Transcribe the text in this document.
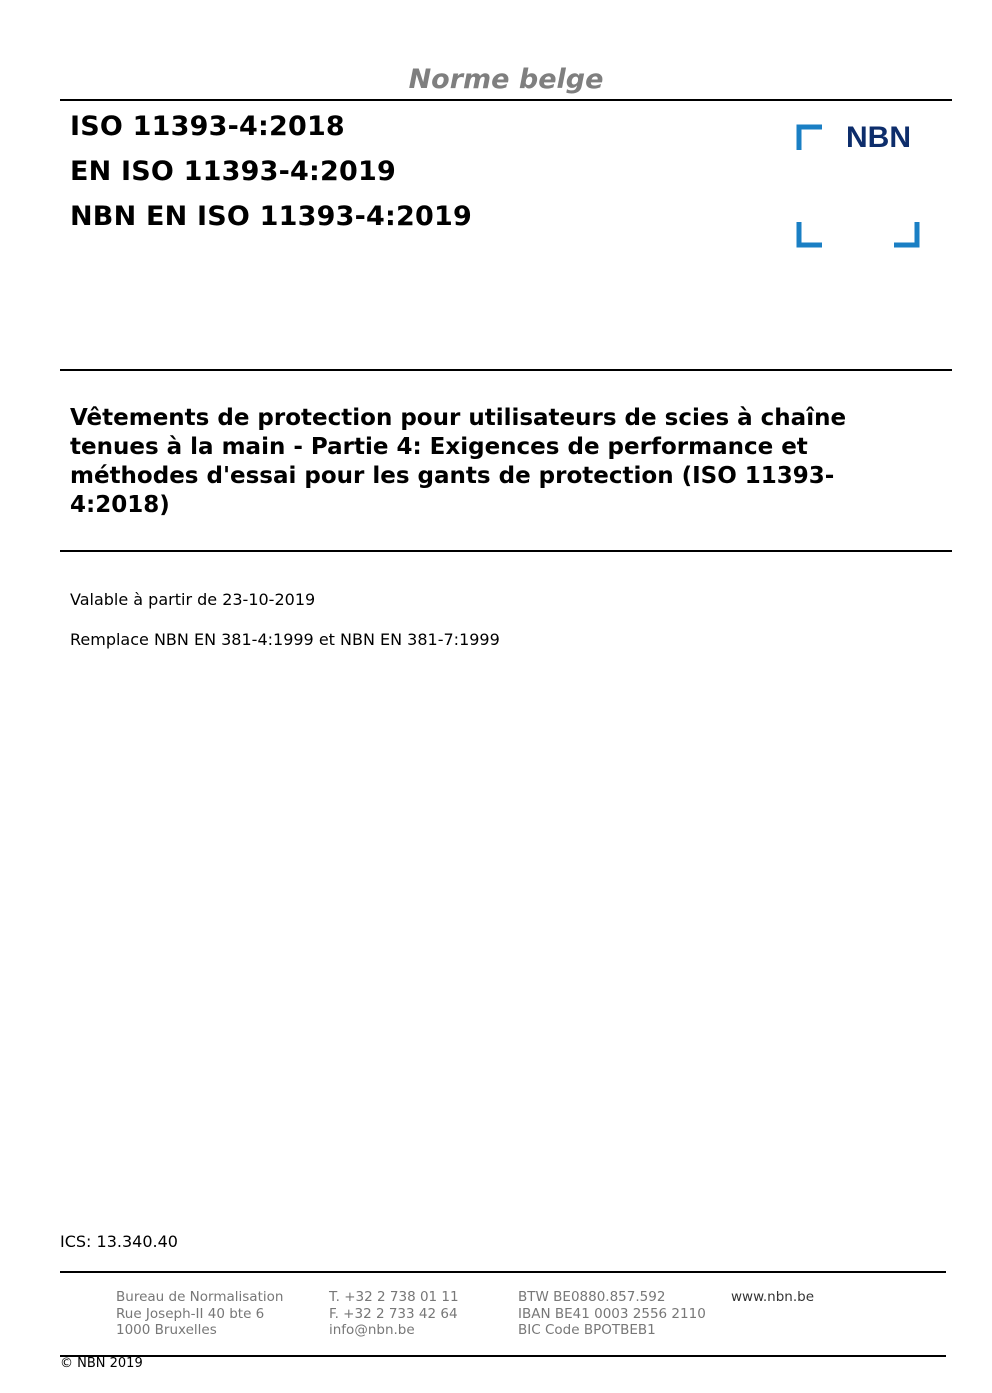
Norme belge
ISO 11393-4:2018
EN ISO 11393-4:2019
NBN EN ISO 11393-4:2019
NBN
Vêtements de protection pour utilisateurs de scies à chaîne
tenues à la main - Partie 4: Exigences de performance et
méthodes d'essai pour les gants de protection (ISO 11393-
4:2018)
Valable à partir de 23-10-2019
Remplace NBN EN 381-4:1999 et NBN EN 381-7:1999
ICS: 13.340.40
Bureau de Normalisation
Rue Joseph-II 40 bte 6
1000 Bruxelles
T. +32 2 738 01 11
F. +32 2 733 42 64
info@nbn.be
BTW BE0880.857.592
IBAN BE41 0003 2556 2110
BIC Code BPOTBEB1
www.nbn.be
© NBN 2019
